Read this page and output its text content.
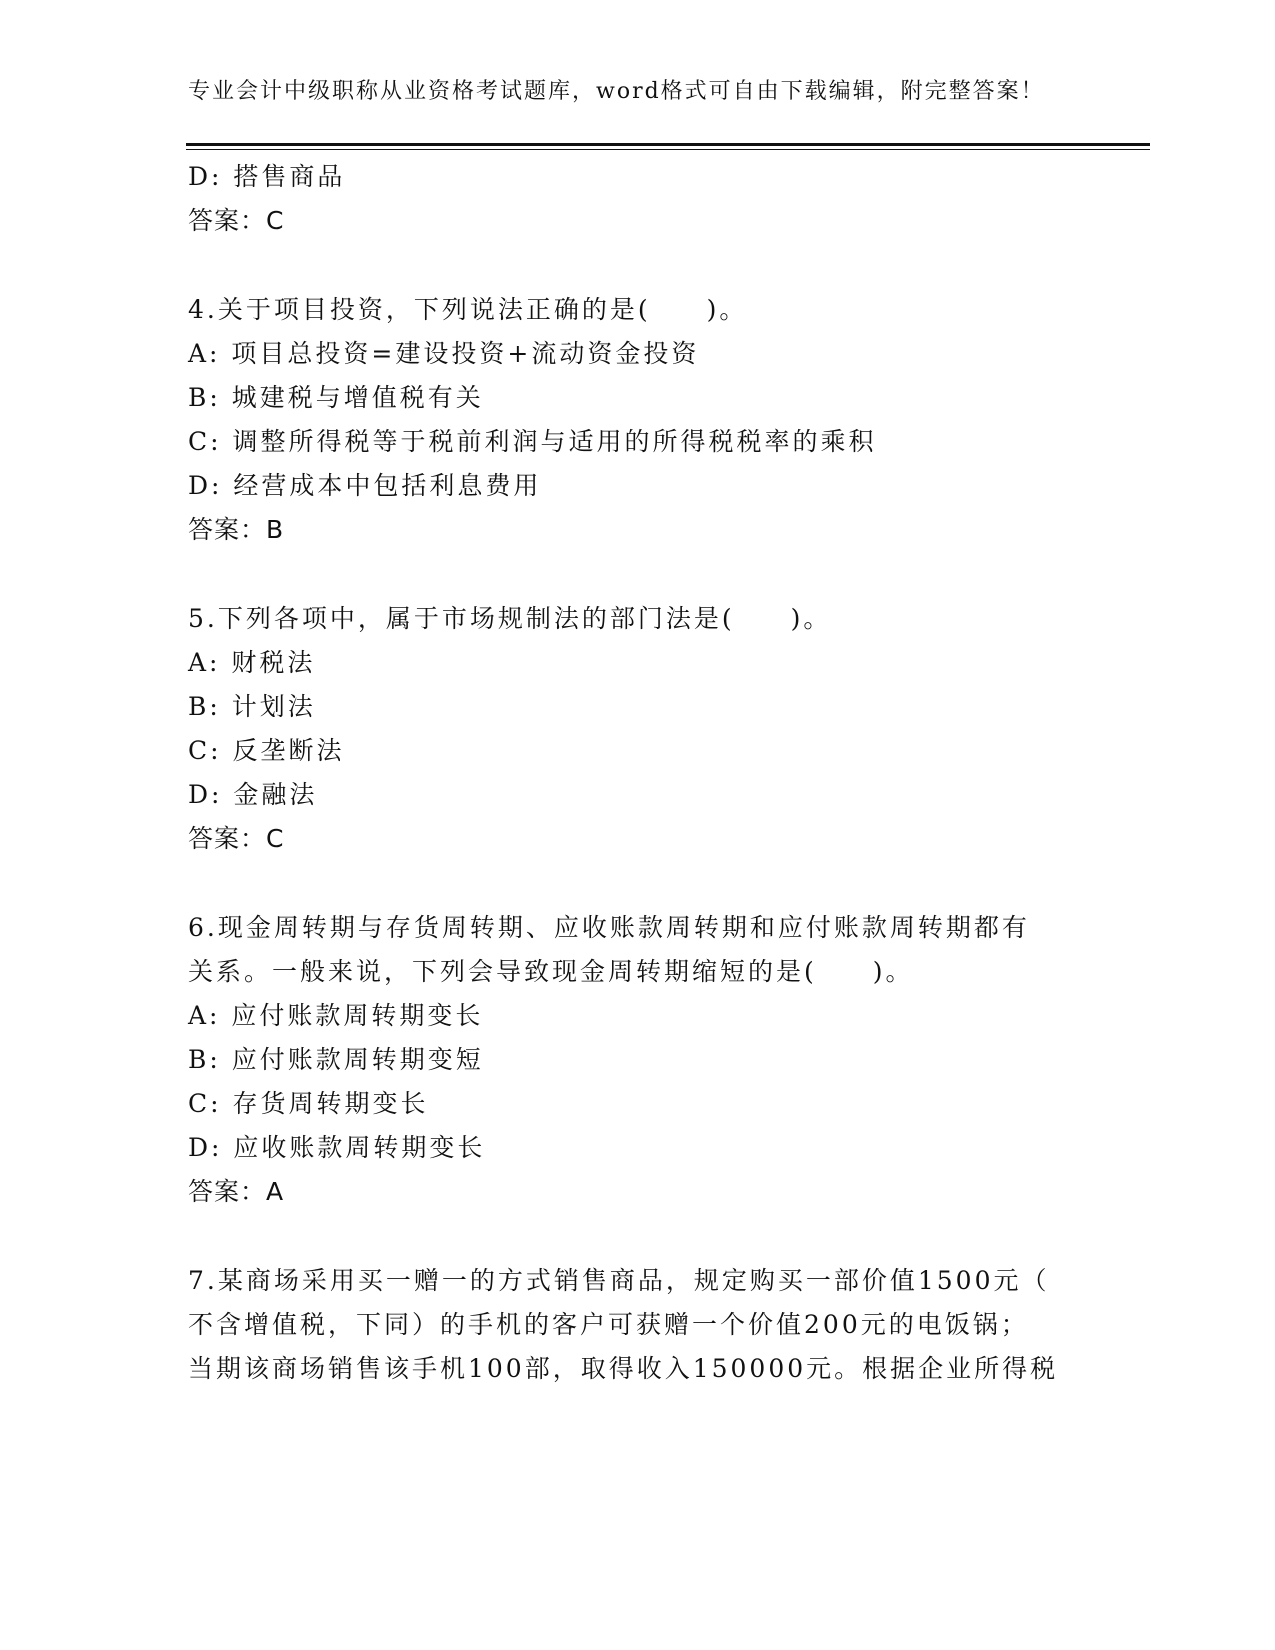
专业会计中级职称从业资格考试题库，word格式可自由下载编辑，附完整答案！
D: 搭售商品
答案：C
4.关于项目投资，下列说法正确的是(　　)。
A: 项目总投资=建设投资+流动资金投资
B: 城建税与增值税有关
C: 调整所得税等于税前利润与适用的所得税税率的乘积
D: 经营成本中包括利息费用
答案：B
5.下列各项中，属于市场规制法的部门法是(　　)。
A: 财税法
B: 计划法
C: 反垄断法
D: 金融法
答案：C
6.现金周转期与存货周转期、应收账款周转期和应付账款周转期都有
关系。一般来说，下列会导致现金周转期缩短的是(　　)。
A: 应付账款周转期变长
B: 应付账款周转期变短
C: 存货周转期变长
D: 应收账款周转期变长
答案：A
7.某商场采用买一赠一的方式销售商品，规定购买一部价值1500元（
不含增值税，下同）的手机的客户可获赠一个价值200元的电饭锅；
当期该商场销售该手机100部，取得收入150000元。根据企业所得税
